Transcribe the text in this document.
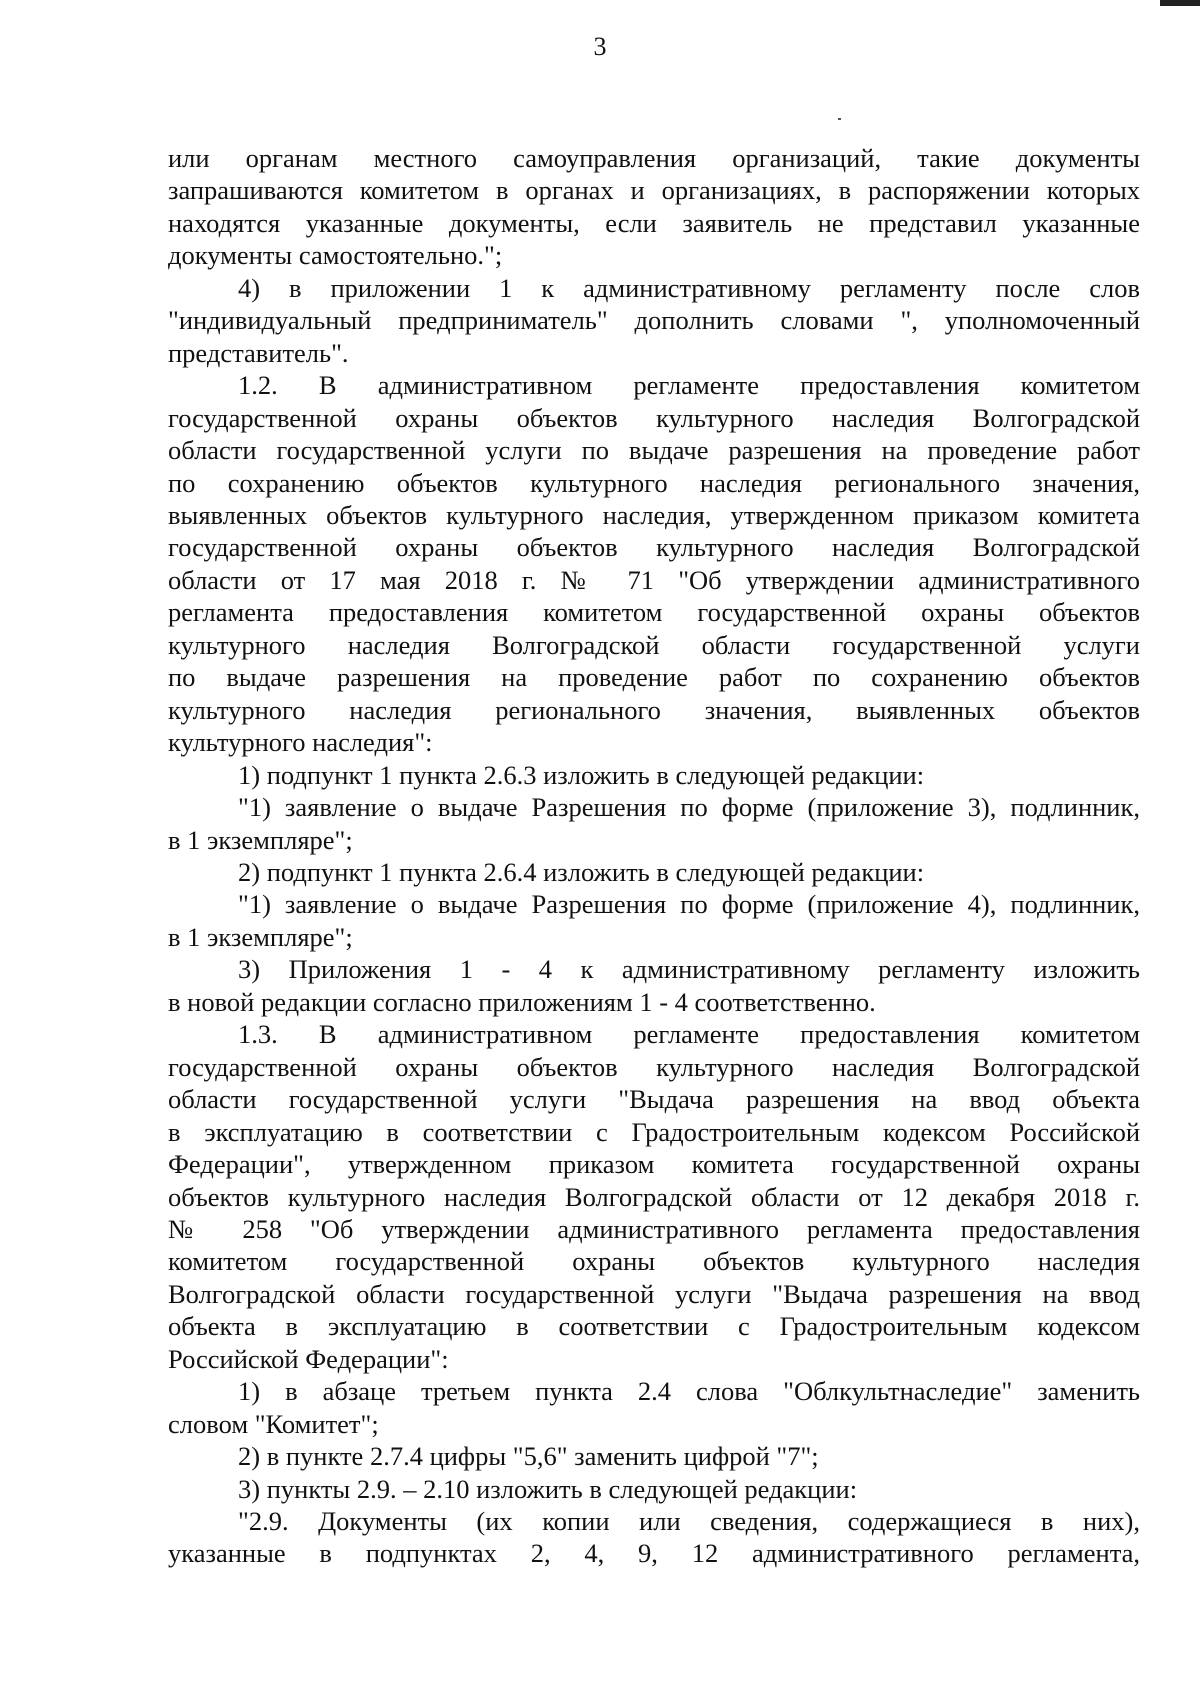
3

или органам местного самоуправления организаций, такие документы

запрашиваются комитетом в органах и организациях, в распоряжении которых

находятся указанные документы, если заявитель не представил указанные

документы самостоятельно.";

4) в приложении 1 к административному регламенту после слов

"индивидуальный предприниматель" дополнить словами ", уполномоченный

представитель".

1.2. В административном регламенте предоставления комитетом

государственной охраны объектов культурного наследия Волгоградской

области государственной услуги по выдаче разрешения на проведение работ

по сохранению объектов культурного наследия регионального значения,

выявленных объектов культурного наследия, утвержденном приказом комитета

государственной охраны объектов культурного наследия Волгоградской

области от 17 мая 2018 г. № 71 "Об утверждении административного

регламента предоставления комитетом государственной охраны объектов

культурного наследия Волгоградской области государственной услуги

по выдаче разрешения на проведение работ по сохранению объектов

культурного наследия регионального значения, выявленных объектов

культурного наследия":

1) подпункт 1 пункта 2.6.3 изложить в следующей редакции:

"1) заявление о выдаче Разрешения по форме (приложение 3), подлинник,

в 1 экземпляре";

2) подпункт 1 пункта 2.6.4 изложить в следующей редакции:

"1) заявление о выдаче Разрешения по форме (приложение 4), подлинник,

в 1 экземпляре";

3) Приложения 1 - 4 к административному регламенту изложить

в новой редакции согласно приложениям 1 - 4 соответственно.

1.3. В административном регламенте предоставления комитетом

государственной охраны объектов культурного наследия Волгоградской

области государственной услуги "Выдача разрешения на ввод объекта

в эксплуатацию в соответствии с Градостроительным кодексом Российской

Федерации", утвержденном приказом комитета государственной охраны

объектов культурного наследия Волгоградской области от 12 декабря 2018 г.

№ 258 "Об утверждении административного регламента предоставления

комитетом государственной охраны объектов культурного наследия

Волгоградской области государственной услуги "Выдача разрешения на ввод

объекта в эксплуатацию в соответствии с Градостроительным кодексом

Российской Федерации":

1) в абзаце третьем пункта 2.4 слова "Облкультнаследие" заменить

словом "Комитет";

2) в пункте 2.7.4 цифры "5,6" заменить цифрой "7";

3) пункты 2.9. – 2.10 изложить в следующей редакции:

"2.9. Документы (их копии или сведения, содержащиеся в них),

указанные в подпунктах 2, 4, 9, 12 административного регламента,
